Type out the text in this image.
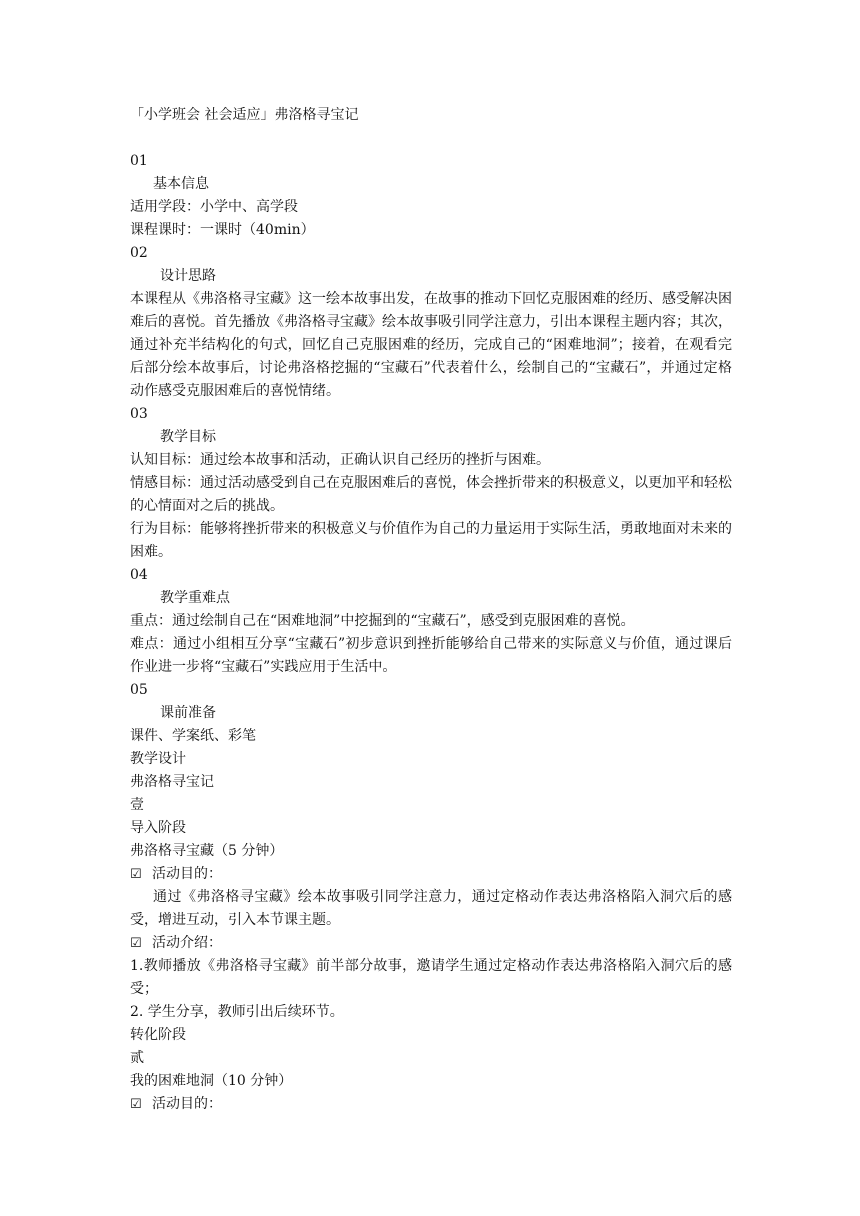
「小学班会 社会适应」弗洛格寻宝记

01

基本信息

适用学段：小学中、高学段

课程课时：一课时（40min）

02

设计思路

本课程从《弗洛格寻宝藏》这一绘本故事出发，在故事的推动下回忆克服困难的经历、感受解决困难后的喜悦。首先播放《弗洛格寻宝藏》绘本故事吸引同学注意力，引出本课程主题内容；其次，通过补充半结构化的句式，回忆自己克服困难的经历，完成自己的“困难地洞”；接着，在观看完后部分绘本故事后，讨论弗洛格挖掘的“宝藏石”代表着什么，绘制自己的“宝藏石”，并通过定格动作感受克服困难后的喜悦情绪。

03

教学目标

认知目标：通过绘本故事和活动，正确认识自己经历的挫折与困难。

情感目标：通过活动感受到自己在克服困难后的喜悦，体会挫折带来的积极意义，以更加平和轻松的心情面对之后的挑战。

行为目标：能够将挫折带来的积极意义与价值作为自己的力量运用于实际生活，勇敢地面对未来的困难。

04

教学重难点

重点：通过绘制自己在“困难地洞”中挖掘到的“宝藏石”，感受到克服困难的喜悦。

难点：通过小组相互分享“宝藏石”初步意识到挫折能够给自己带来的实际意义与价值，通过课后作业进一步将“宝藏石”实践应用于生活中。

05

课前准备

课件、学案纸、彩笔

教学设计

弗洛格寻宝记

壹

导入阶段

弗洛格寻宝藏（5 分钟）

☑ 活动目的：

通过《弗洛格寻宝藏》绘本故事吸引同学注意力，通过定格动作表达弗洛格陷入洞穴后的感受，增进互动，引入本节课主题。

☑ 活动介绍：

1.教师播放《弗洛格寻宝藏》前半部分故事，邀请学生通过定格动作表达弗洛格陷入洞穴后的感受；

2. 学生分享，教师引出后续环节。

转化阶段

贰

我的困难地洞（10 分钟）

☑ 活动目的：
